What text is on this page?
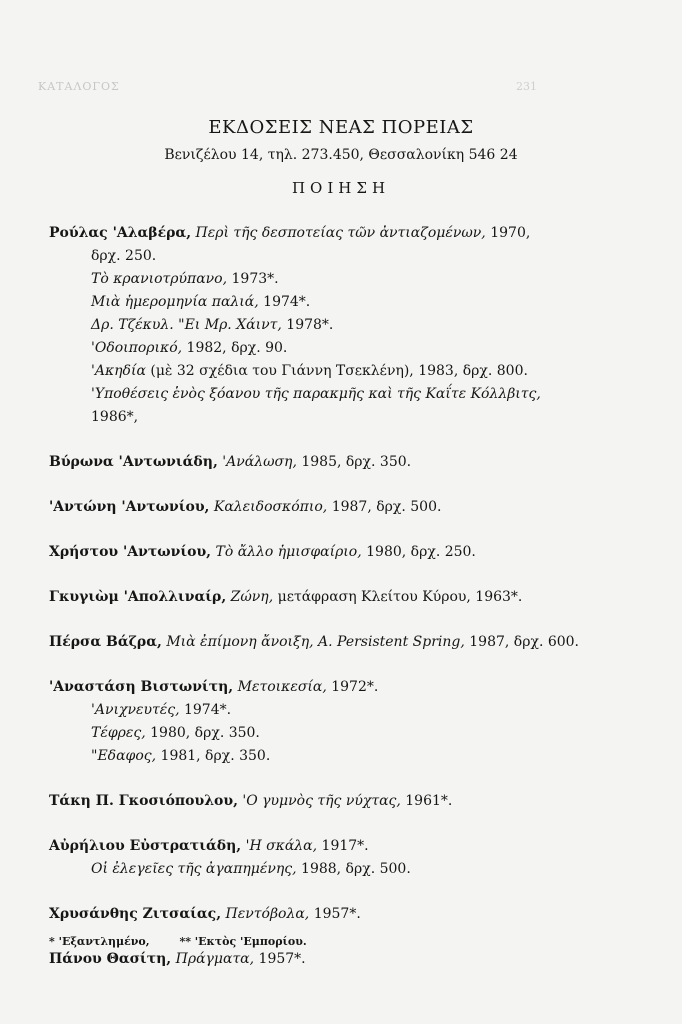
ΚΑΤΑΛΟΓΟΣ	231
ΕΚΔΟΣΕΙΣ ΝΕΑΣ ΠΟΡΕΙΑΣ
Βενιζέλου 14, τηλ. 273.450, Θεσσαλονίκη 546 24
ΠΟΙΗΣΗ
Ρούλας 'Αλαβέρα, Περὶ τῆς δεσποτείας τῶν ἀντιαζομένων, 1970,
δρχ. 250.
Τὸ κρανιοτρύπανο, 1973*.
Μιὰ ἡμερομηνία παλιά, 1974*.
Δρ. Τζέκυλ. "Ει Μρ. Χάιντ, 1978*.
'Οδοιπορικό, 1982, δρχ. 90.
'Ακηδία (μὲ 32 σχέδια του Γιάννη Τσεκλένη), 1983, δρχ. 800.
'Υποθέσεις ἑνὸς ξόανου τῆς παρακμῆς καὶ τῆς Καΐτε Κόλλβιτς,
1986*,
Βύρωνα 'Αντωνιάδη, 'Ανάλωση, 1985, δρχ. 350.
'Αντώνη 'Αντωνίου, Καλειδοσκόπιο, 1987, δρχ. 500.
Χρήστου 'Αντωνίου, Τὸ ἄλλο ἡμισφαίριο, 1980, δρχ. 250.
Γκυγιὼμ 'Απολλιναίρ, Ζώνη, μετάφραση Κλείτου Κύρου, 1963*.
Πέρσα Βάζρα, Μιὰ ἐπίμονη ἄνοιξη, A. Persistent Spring, 1987, δρχ. 600.
'Αναστάση Βιστωνίτη, Μετοικεσία, 1972*.
'Ανιχνευτές, 1974*.
Τέφρες, 1980, δρχ. 350.
"Εδαφος, 1981, δρχ. 350.
Τάκη Π. Γκοσιόπουλου, 'Ο γυμνὸς τῆς νύχτας, 1961*.
Αὐρήλιου Εὐστρατιάδη, 'Η σκάλα, 1917*.
Οἱ ἐλεγεῖες τῆς ἀγαπημένης, 1988, δρχ. 500.
Χρυσάνθης Ζιτσαίας, Πεντόβολα, 1957*.
Πάνου Θασίτη, Πράγματα, 1957*.
* 'Εξαντλημένο,	** 'Εκτὸς 'Εμπορίου.
